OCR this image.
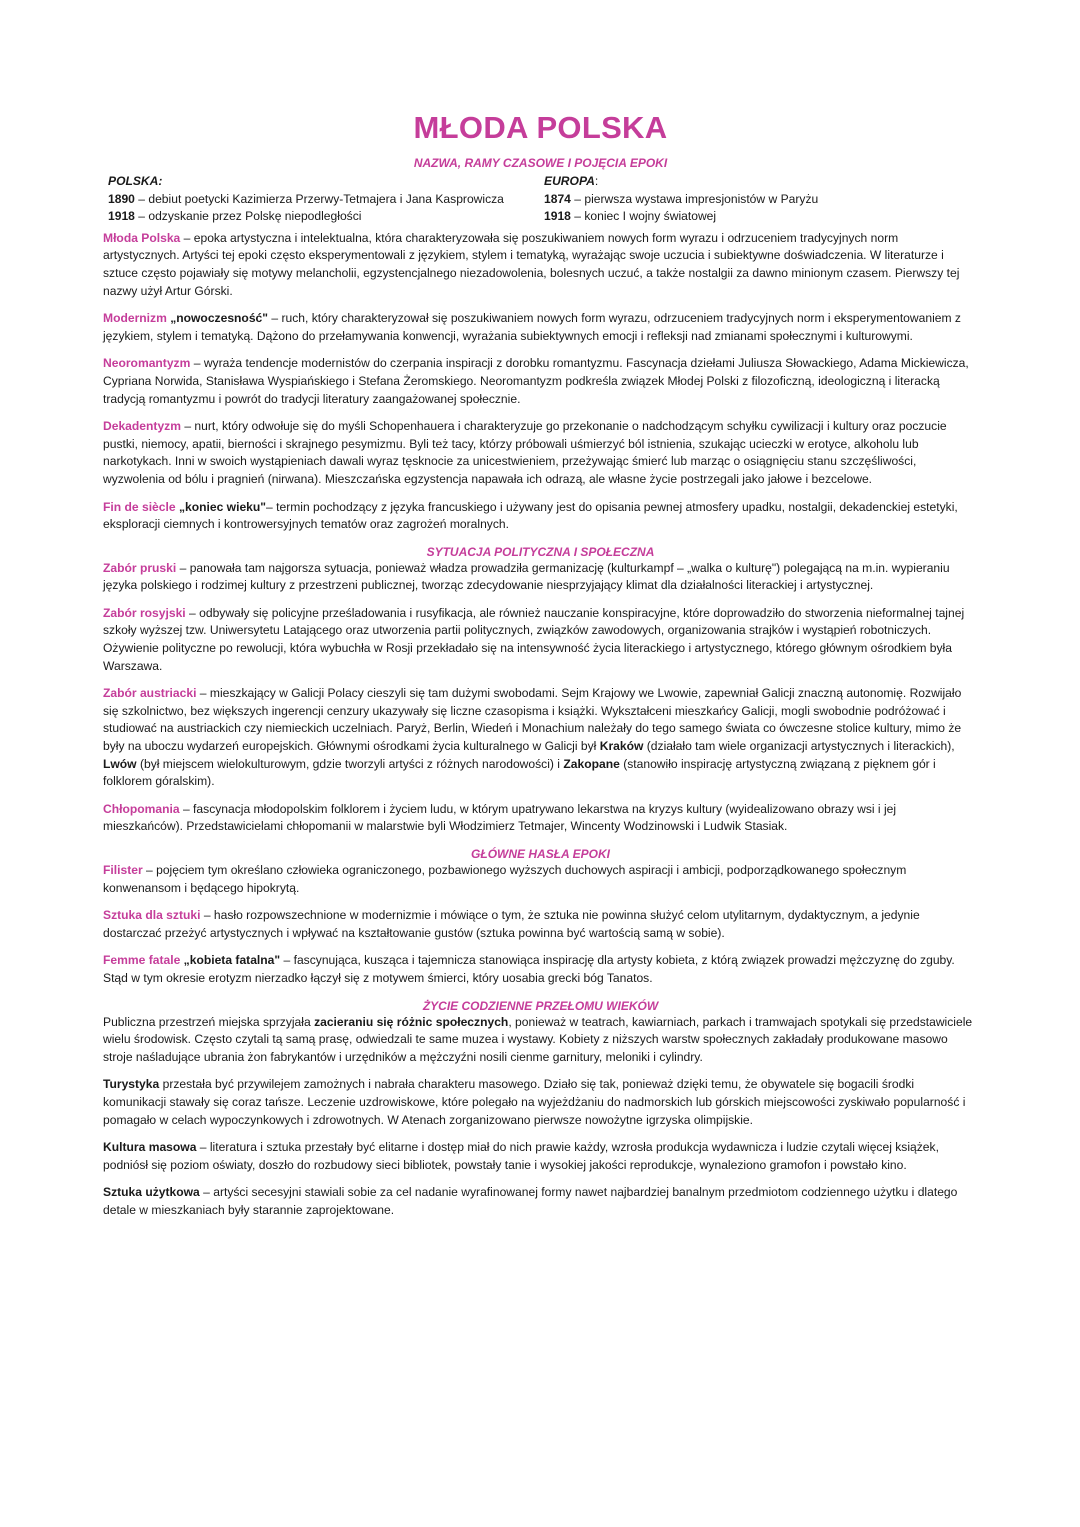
MŁODA POLSKA
NAZWA, RAMY CZASOWE I POJĘCIA EPOKI
POLSKA:
1890 – debiut poetycki Kazimierza Przerwy-Tetmajera i Jana Kasprowicza
1918 – odzyskanie przez Polskę niepodległości
EUROPA:
1874 – pierwsza wystawa impresjonistów w Paryżu
1918 – koniec I wojny światowej

Młoda Polska – epoka artystyczna i intelektualna, która charakteryzowała się poszukiwaniem nowych form wyrazu i odrzuceniem tradycyjnych norm artystycznych. Artyści tej epoki często eksperymentowali z językiem, stylem i tematyką, wyrażając swoje uczucia i subiektywne doświadczenia. W literaturze i sztuce często pojawiały się motywy melancholii, egzystencjalnego niezadowolenia, bolesnych uczuć, a także nostalgii za dawno minionym czasem. Pierwszy tej nazwy użył Artur Górski.

Modernizm „nowoczesność" – ruch, który charakteryzował się poszukiwaniem nowych form wyrazu, odrzuceniem tradycyjnych norm i eksperymentowaniem z językiem, stylem i tematyką. Dążono do przełamywania konwencji, wyrażania subiektywnych emocji i refleksji nad zmianami społecznymi i kulturowymi.

Neoromantyzm – wyraża tendencje modernistów do czerpania inspiracji z dorobku romantyzmu. Fascynacja dziełami Juliusza Słowackiego, Adama Mickiewicza, Cypriana Norwida, Stanisława Wyspiańskiego i Stefana Żeromskiego. Neoromantyzm podkreśla związek Młodej Polski z filozoficzną, ideologiczną i literacką tradycją romantyzmu i powrót do tradycji literatury zaangażowanej społecznie.

Dekadentyzm – nurt, który odwołuje się do myśli Schopenhauera i charakteryzuje go przekonanie o nadchodzącym schyłku cywilizacji i kultury oraz poczucie pustki, niemocy, apatii, bierności i skrajnego pesymizmu. Byli też tacy, którzy próbowali uśmierzyć ból istnienia, szukając ucieczki w erotyce, alkoholu lub narkotykach. Inni w swoich wystąpieniach dawali wyraz tęsknocie za unicestwieniem, przeżywając śmierć lub marząc o osiągnięciu stanu szczęśliwości, wyzwolenia od bólu i pragnień (nirwana). Mieszczańska egzystencja napawała ich odrazą, ale własne życie postrzegali jako jałowe i bezcelowe.

Fin de siècle „koniec wieku"– termin pochodzący z języka francuskiego i używany jest do opisania pewnej atmosfery upadku, nostalgii, dekadenckiej estetyki, eksploracji ciemnych i kontrowersyjnych tematów oraz zagrożeń moralnych.

SYTUACJA POLITYCZNA I SPOŁECZNA

Zabór pruski – panowała tam najgorsza sytuacja, ponieważ władza prowadziła germanizację (kulturkampf – „walka o kulturę") polegającą na m.in. wypieraniu języka polskiego i rodzimej kultury z przestrzeni publicznej, tworząc zdecydowanie niesprzyjający klimat dla działalności literackiej i artystycznej.

Zabór rosyjski – odbywały się policyjne prześladowania i rusyfikacja, ale również nauczanie konspiracyjne, które doprowadziło do stworzenia nieformalnej tajnej szkoły wyższej tzw. Uniwersytetu Latającego oraz utworzenia partii politycznych, związków zawodowych, organizowania strajków i wystąpień robotniczych. Ożywienie polityczne po rewolucji, która wybuchła w Rosji przekładało się na intensywność życia literackiego i artystycznego, którego głównym ośrodkiem była Warszawa.

Zabór austriacki – mieszkający w Galicji Polacy cieszyli się tam dużymi swobodami. Sejm Krajowy we Lwowie, zapewniał Galicji znaczną autonomię. Rozwijało się szkolnictwo, bez większych ingerencji cenzury ukazywały się liczne czasopisma i książki. Wykształceni mieszkańcy Galicji, mogli swobodnie podróżować i studiować na austriackich czy niemieckich uczelniach. Paryż, Berlin, Wiedeń i Monachium należały do tego samego świata co ówczesne stolice kultury, mimo że były na uboczu wydarzeń europejskich. Głównymi ośrodkami życia kulturalnego w Galicji był Kraków (działało tam wiele organizacji artystycznych i literackich), Lwów (był miejscem wielokulturowym, gdzie tworzyli artyści z różnych narodowości) i Zakopane (stanowiło inspirację artystyczną związaną z pięknem gór i folklorem góralskim).

Chłopomania – fascynacja młodopolskim folklorem i życiem ludu, w którym upatrywano lekarstwa na kryzys kultury (wyidealizowano obrazy wsi i jej mieszkańców). Przedstawicielami chłopomanii w malarstwie byli Włodzimierz Tetmajer, Wincenty Wodzinowski i Ludwik Stasiak.

GŁÓWNE HASŁA EPOKI

Filister – pojęciem tym określano człowieka ograniczonego, pozbawionego wyższych duchowych aspiracji i ambicji, podporządkowanego społecznym konwenansom i będącego hipokrytą.

Sztuka dla sztuki – hasło rozpowszechnione w modernizmie i mówiące o tym, że sztuka nie powinna służyć celom utylitarnym, dydaktycznym, a jedynie dostarczać przeżyć artystycznych i wpływać na kształtowanie gustów (sztuka powinna być wartością samą w sobie).

Femme fatale „kobieta fatalna" – fascynująca, kusząca i tajemnicza stanowiąca inspirację dla artysty kobieta, z którą związek prowadzi mężczyznę do zguby. Stąd w tym okresie erotyzm nierzadko łączył się z motywem śmierci, który uosabia grecki bóg Tanatos.

ŻYCIE CODZIENNE PRZEŁOMU WIEKÓW

Publiczna przestrzeń miejska sprzyjała zacieraniu się różnic społecznych, ponieważ w teatrach, kawiarniach, parkach i tramwajach spotykali się przedstawiciele wielu środowisk. Często czytali tą samą prasę, odwiedzali te same muzea i wystawy. Kobiety z niższych warstw społecznych zakładały produkowane masowo stroje naśladujące ubrania żon fabrykantów i urzędników a mężczyźni nosili cienme garnitury, meloniki i cylindry.

Turystyka przestała być przywilejem zamożnych i nabrała charakteru masowego. Działo się tak, ponieważ dzięki temu, że obywatele się bogacili środki komunikacji stawały się coraz tańsze. Leczenie uzdrowiskowe, które polegało na wyjeżdżaniu do nadmorskich lub górskich miejscowości zyskiwało popularność i pomagało w celach wypoczynkowych i zdrowotnych. W Atenach zorganizowano pierwsze nowożytne igrzyska olimpijskie.

Kultura masowa – literatura i sztuka przestały być elitarne i dostęp miał do nich prawie każdy, wzrosła produkcja wydawnicza i ludzie czytali więcej książek, podniósł się poziom oświaty, doszło do rozbudowy sieci bibliotek, powstały tanie i wysokiej jakości reprodukcje, wynaleziono gramofon i powstało kino.

Sztuka użytkowa – artyści secesyjni stawiali sobie za cel nadanie wyrafinowanej formy nawet najbardziej banalnym przedmiotom codziennego użytku i dlatego detale w mieszkaniach były starannie zaprojektowane.
